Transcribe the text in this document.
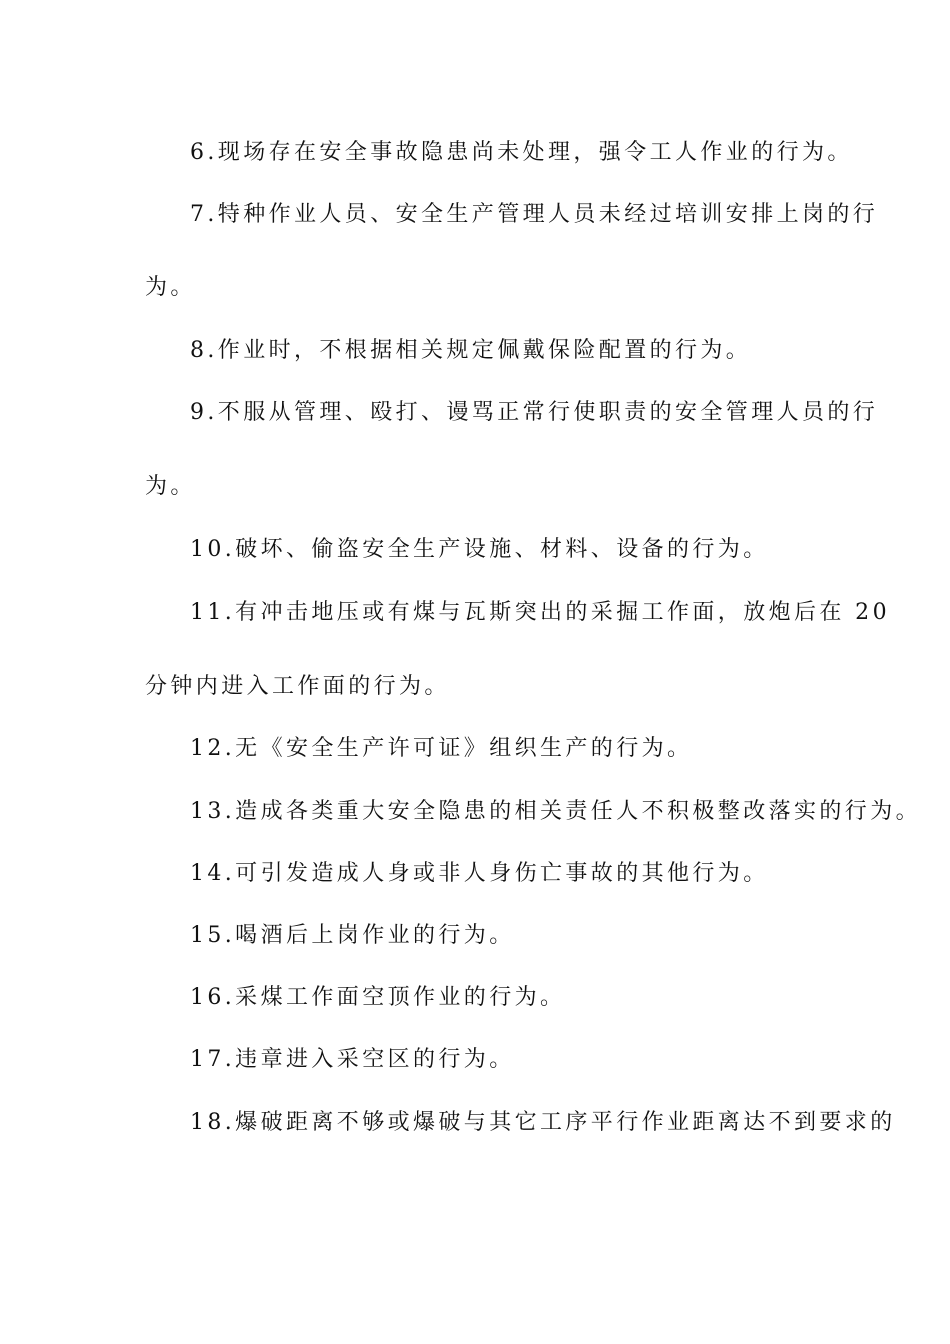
6.现场存在安全事故隐患尚未处理，强令工人作业的行为。
7.特种作业人员、安全生产管理人员未经过培训安排上岗的行
为。
8.作业时，不根据相关规定佩戴保险配置的行为。
9.不服从管理、殴打、谩骂正常行使职责的安全管理人员的行
为。
10.破坏、偷盗安全生产设施、材料、设备的行为。
11.有冲击地压或有煤与瓦斯突出的采掘工作面，放炮后在 20
分钟内进入工作面的行为。
12.无《安全生产许可证》组织生产的行为。
13.造成各类重大安全隐患的相关责任人不积极整改落实的行为。
14.可引发造成人身或非人身伤亡事故的其他行为。
15.喝酒后上岗作业的行为。
16.采煤工作面空顶作业的行为。
17.违章进入采空区的行为。
18.爆破距离不够或爆破与其它工序平行作业距离达不到要求的
